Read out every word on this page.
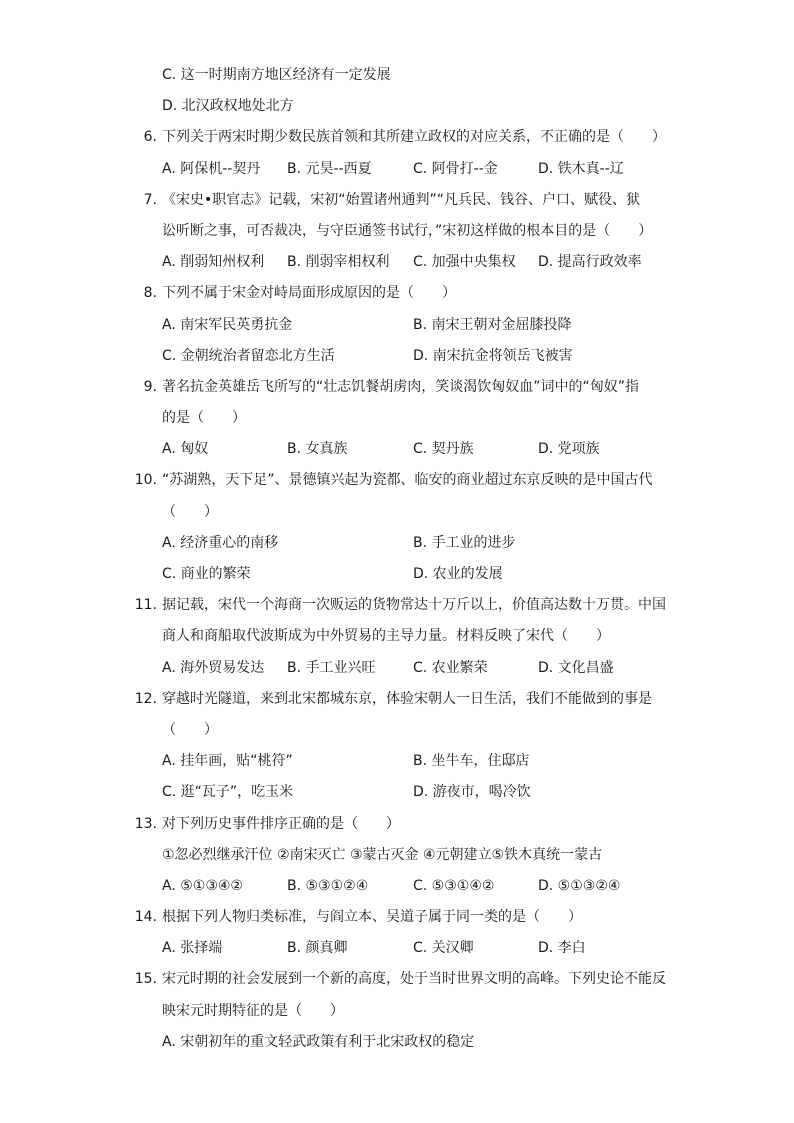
C. 这一时期南方地区经济有一定发展
D. 北汉政权地处北方
6. 下列关于两宋时期少数民族首领和其所建立政权的对应关系，不正确的是（　　）
A. 阿保机--契丹 B. 元昊--西夏	C. 阿骨打--金	D. 铁木真--辽
7. 《宋史•职官志》记载，宋初“始置诸州通判”“凡兵民、钱谷、户口、赋役、狱
讼听断之事，可否裁决，与守臣通签书试行，”宋初这样做的根本目的是（　　）
A. 削弱知州权利 B. 削弱宰相权利 C. 加强中央集权 D. 提高行政效率
8. 下列不属于宋金对峙局面形成原因的是（　　）
A. 南宋军民英勇抗金	B. 南宋王朝对金屈膝投降
C. 金朝统治者留恋北方生活	D. 南宋抗金将领岳飞被害
9. 著名抗金英雄岳飞所写的“壮志饥餐胡虏肉，笑谈渴饮匈奴血”词中的“匈奴”指
的是（　　）
A. 匈奴	B. 女真族	C. 契丹族	D. 党项族
10. “苏湖熟，天下足”、景德镇兴起为瓷都、临安的商业超过东京反映的是中国古代
（　　）
A. 经济重心的南移	B. 手工业的进步
C. 商业的繁荣	D. 农业的发展
11. 据记载，宋代一个海商一次贩运的货物常达十万斤以上，价值高达数十万贯。中国
商人和商船取代波斯成为中外贸易的主导力量。材料反映了宋代（　　）
A. 海外贸易发达 B. 手工业兴旺	C. 农业繁荣	D. 文化昌盛
12. 穿越时光隧道，来到北宋都城东京，体验宋朝人一日生活，我们不能做到的事是
（　　）
A. 挂年画，贴“桃符”	B. 坐牛车，住邸店
C. 逛“瓦子”，吃玉米	D. 游夜市，喝冷饮
13. 对下列历史事件排序正确的是（　　）
①忽必烈继承汗位 ②南宋灭亡 ③蒙古灭金 ④元朝建立⑤铁木真统一蒙古
A. ⑤①③④②	B. ⑤③①②④	C. ⑤③①④②	D. ⑤①③②④
14. 根据下列人物归类标准，与阎立本、吴道子属于同一类的是（　　）
A. 张择端	B. 颜真卿	C. 关汉卿	D. 李白
15. 宋元时期的社会发展到一个新的高度，处于当时世界文明的高峰。下列史论不能反
映宋元时期特征的是（　　）
A. 宋朝初年的重文轻武政策有利于北宋政权的稳定
